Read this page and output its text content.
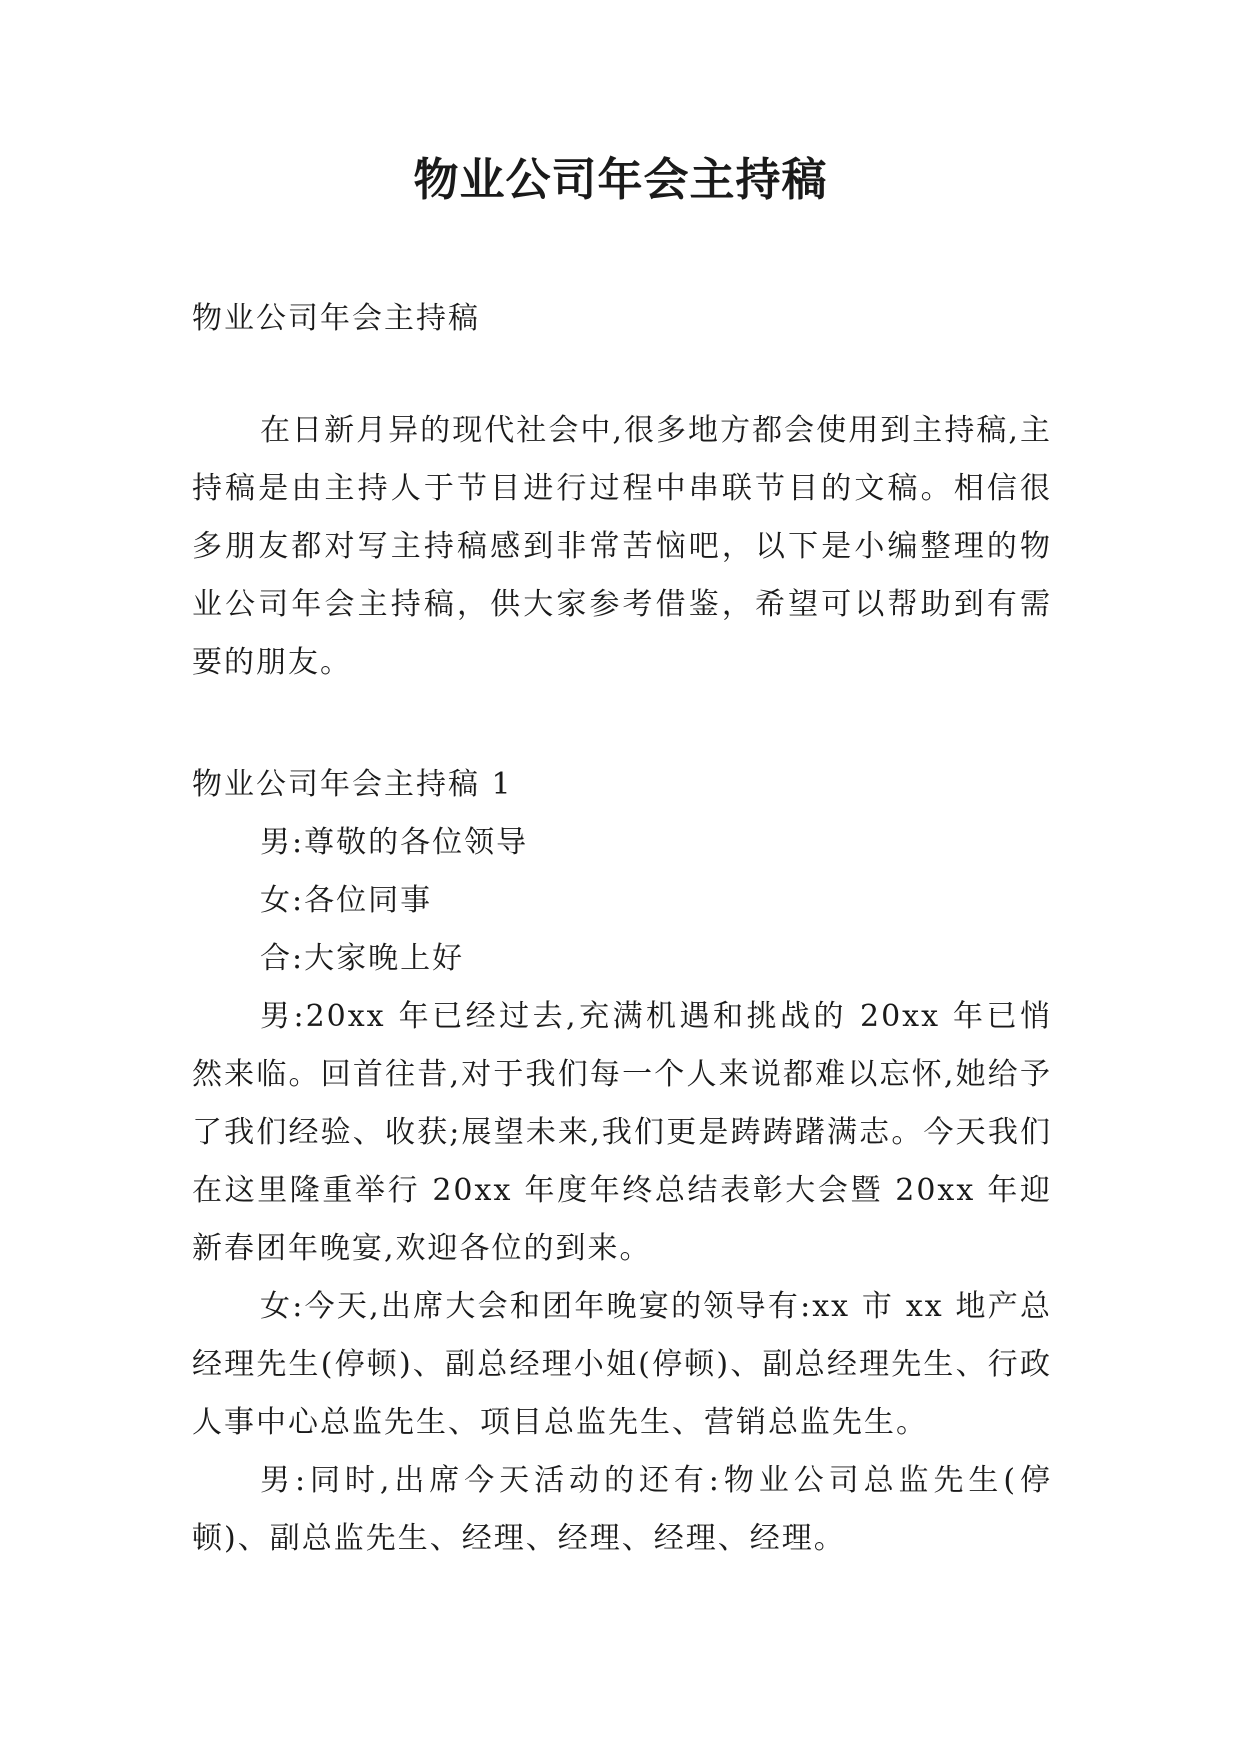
物业公司年会主持稿
物业公司年会主持稿

在日新月异的现代社会中,很多地方都会使用到主持稿,主持稿是由主持人于节目进行过程中串联节目的文稿。相信很多朋友都对写主持稿感到非常苦恼吧，以下是小编整理的物业公司年会主持稿，供大家参考借鉴，希望可以帮助到有需要的朋友。

物业公司年会主持稿 1

男:尊敬的各位领导

女:各位同事

合:大家晚上好

男:20xx 年已经过去,充满机遇和挑战的 20xx 年已悄然来临。回首往昔,对于我们每一个人来说都难以忘怀,她给予了我们经验、收获;展望未来,我们更是踌踌躇满志。今天我们在这里隆重举行 20xx 年度年终总结表彰大会暨 20xx 年迎新春团年晚宴,欢迎各位的到来。

女:今天,出席大会和团年晚宴的领导有:xx 市 xx 地产总经理先生(停顿)、副总经理小姐(停顿)、副总经理先生、行政人事中心总监先生、项目总监先生、营销总监先生。

男:同时,出席今天活动的还有:物业公司总监先生(停顿)、副总监先生、经理、经理、经理、经理。
